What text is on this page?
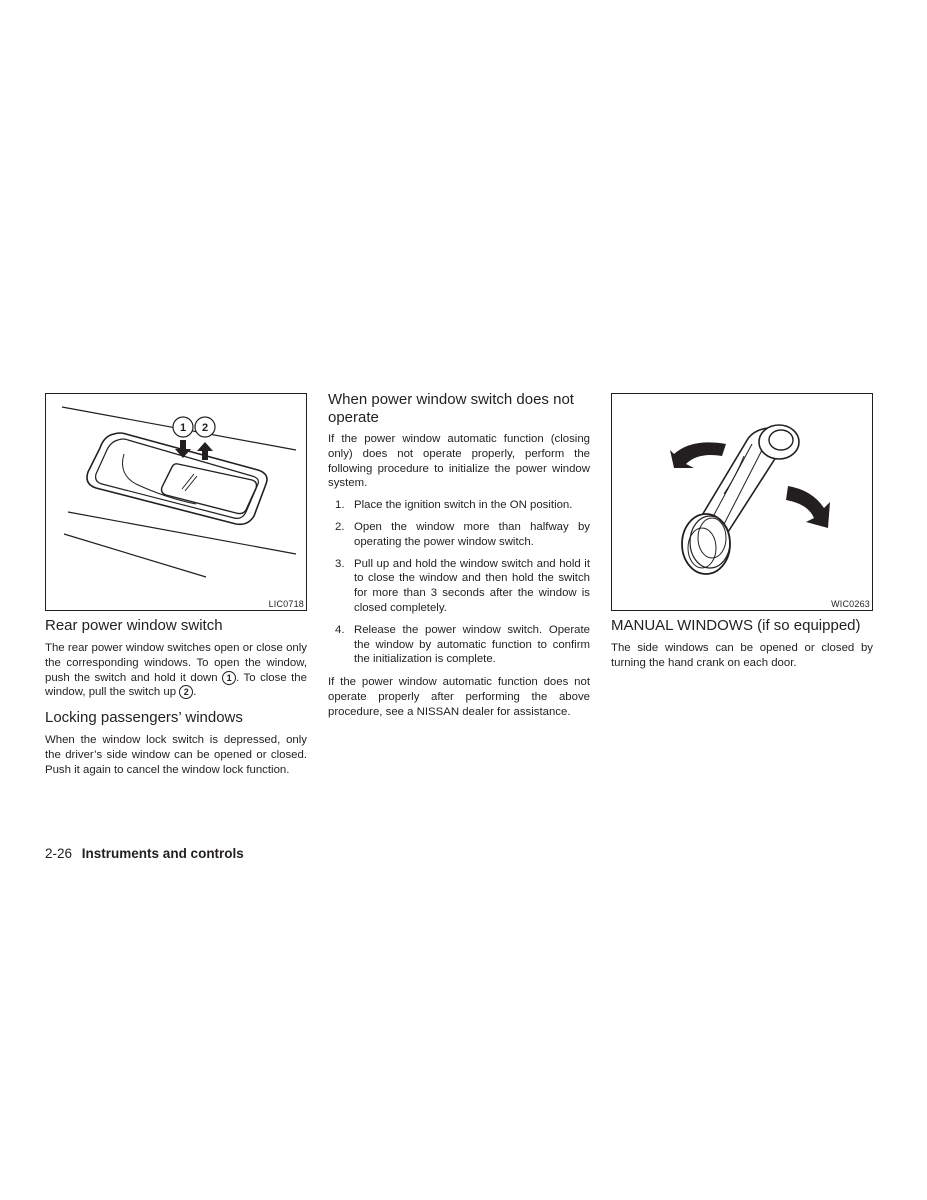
1 2
LIC0718
Rear power window switch

The rear power window switches open or close only the corresponding windows. To open the window, push the switch and hold it down 1 . To close the window, pull the switch up 2 .

Locking passengers’ windows

When the window lock switch is depressed, only the driver’s side window can be opened or closed. Push it again to cancel the window lock function.

When power window switch does not operate

If the power window automatic function (closing only) does not operate properly, perform the following procedure to initialize the power window system.

1. Place the ignition switch in the ON position.
2. Open the window more than halfway by operating the power window switch.
3. Pull up and hold the window switch and hold it to close the window and then hold the switch for more than 3 seconds after the window is closed completely.
4. Release the power window switch. Operate the window by automatic function to confirm the initialization is complete.

If the power window automatic function does not operate properly after performing the above procedure, see a NISSAN dealer for assistance.

WIC0263
MANUAL WINDOWS (if so equipped)

The side windows can be opened or closed by turning the hand crank on each door.

2-26 Instruments and controls
